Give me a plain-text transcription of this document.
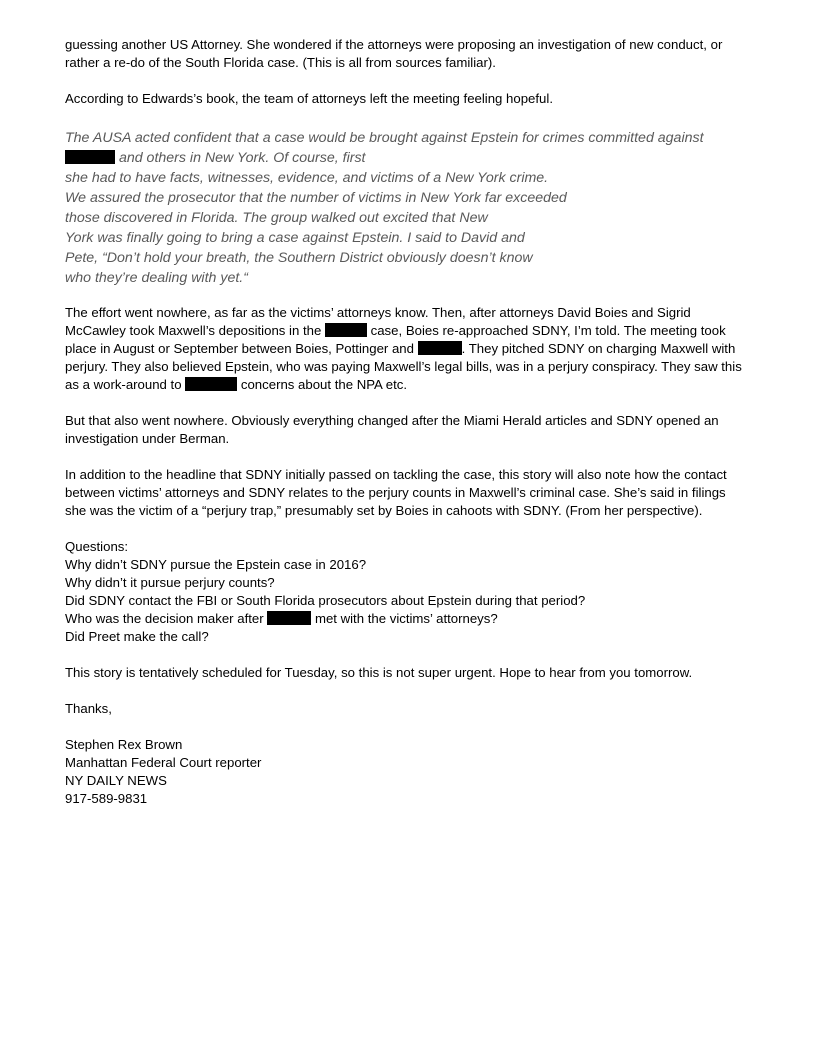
guessing another US Attorney. She wondered if the attorneys were proposing an investigation of new conduct, or
rather a re-do of the South Florida case. (This is all from sources familiar).
According to Edwards’s book, the team of attorneys left the meeting feeling hopeful.
The AUSA acted confident that a case would be brought against Epstein for crimes committed against
and others in New York. Of course, first
she had to have facts, witnesses, evidence, and victims of a New York crime.
We assured the prosecutor that the number of victims in New York far exceeded
those discovered in Florida. The group walked out excited that New
York was finally going to bring a case against Epstein. I said to David and
Pete, “Don’t hold your breath, the Southern District obviously doesn’t know
who they’re dealing with yet.“
The effort went nowhere, as far as the victims’ attorneys know. Then, after attorneys David Boies and Sigrid
McCawley took Maxwell’s depositions in the	case, Boies re-approached SDNY, I’m told. The meeting took
place in August or September between Boies, Pottinger and	. They pitched SDNY on charging Maxwell with
perjury. They also believed Epstein, who was paying Maxwell’s legal bills, was in a perjury conspiracy. They saw this
as a work-around to	concerns about the NPA etc.
But that also went nowhere. Obviously everything changed after the Miami Herald articles and SDNY opened an
investigation under Berman.
In addition to the headline that SDNY initially passed on tackling the case, this story will also note how the contact
between victims’ attorneys and SDNY relates to the perjury counts in Maxwell’s criminal case. She’s said in filings
she was the victim of a “perjury trap,” presumably set by Boies in cahoots with SDNY. (From her perspective).
Questions:
Why didn’t SDNY pursue the Epstein case in 2016?
Why didn’t it pursue perjury counts?
Did SDNY contact the FBI or South Florida prosecutors about Epstein during that period?
Who was the decision maker after	met with the victims’ attorneys?
Did Preet make the call?
This story is tentatively scheduled for Tuesday, so this is not super urgent. Hope to hear from you tomorrow.
Thanks,
Stephen Rex Brown
Manhattan Federal Court reporter
NY DAILY NEWS
917-589-9831
